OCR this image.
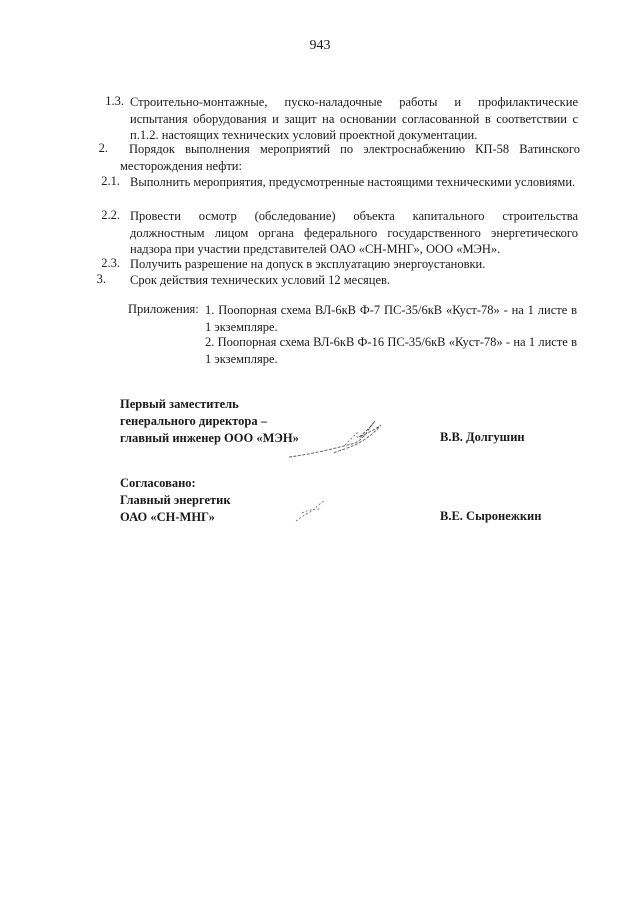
943
1.3. Строительно-монтажные, пуско-наладочные работы и профилактические испытания оборудования и защит на основании согласованной в соответствии с п.1.2. настоящих технических условий проектной документации.
2.	Порядок выполнения мероприятий по электроснабжению КП-58 Ватинского месторождения нефти:
2.1. Выполнить мероприятия, предусмотренные настоящими техническими условиями.
2.2. Провести осмотр (обследование) объекта капитального строительства должностным лицом органа федерального государственного энергетического надзора при участии представителей ОАО «СН-МНГ», ООО «МЭН».
2.3. Получить разрешение на допуск в эксплуатацию энергоустановки.
3. Срок действия технических условий 12 месяцев.
Приложения: 1. Поопорная схема ВЛ-6кВ Ф-7 ПС-35/6кВ «Куст-78» - на 1 листе в 1 экземпляре.
2. Поопорная схема ВЛ-6кВ Ф-16 ПС-35/6кВ «Куст-78» - на 1 листе в 1 экземпляре.
Первый заместитель
генерального директора –
главный инженер ООО «МЭН»	В.В. Долгушин
Согласовано:
Главный энергетик
ОАО «СН-МНГ»	В.Е. Сыронежкин
